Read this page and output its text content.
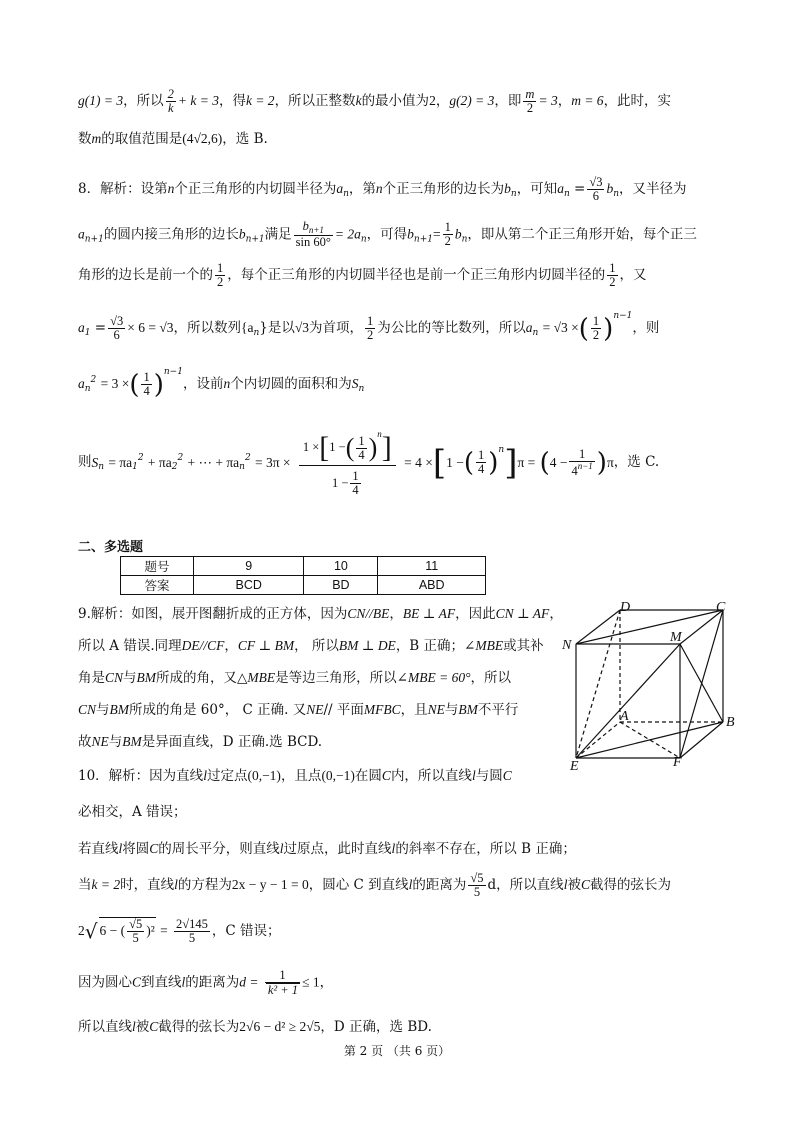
g(1) = 3，所以 $\frac{2}{k} + k = 3$，得k = 2，所以正整数k的最小值为2，g(2) = 3，即 $\frac{m}{2} = 3$，m = 6，此时，实
数m的取值范围是(4√2,6)，选 B.
8．解析：设第n个正三角形的内切圆半径为$a_n$，第n个正三角形的边长为$b_n$，可知$a_n = \frac{√3}{6} b_n$，又半径为
$a_{n+1}$的圆内接三角形的边长$b_{n+1}$满足 $\frac{b_{n+1}}{\sin 60^\circ} = 2a_n$，可得$b_{n+1}= \frac{1}{2} b_n$，即从第二个正三角形开始，每个正三
角形的边长是前一个的 $\frac{1}{2}$ ，每个正三角形的内切圆半径也是前一个正三角形内切圆半径的 $\frac{1}{2}$ ，又
$a_1 = \frac{√3}{6} \times 6 = √3$，所以数列$\{a_n\}$是以√3为首项， $\frac{1}{2}$ 为公比的等比数列，所以$a_n = √3$ ×( $\frac{1}{2} )^{n-1}$，则
$a_n^2 = 3$ ×( $\frac{1}{4} )^{n-1}$，设前n个内切圆的面积和为$S_n$
则$S_n = \pi a_1^2 + \pi a_2^2$ + ⋯ + $\pi a_n^2 = 3\pi \times \frac{1 \times[1 -( \frac{1}{4} )^n]}{1 - \frac{1}{4}} = 4 \times[1$ −( $\frac{1}{4} )^n]\pi = (4 - \frac{1}{4^{n-1}} )\pi$，选 C.
二、多选题
题号	9	10	11
答案	BCD	BD	ABD
9.解析：如图，展开图翻折成的正方体，因为CN//BE，BE ⊥ AF，因此CN ⊥ AF，
所以 A 错误.同理DE//CF，CF ⊥ BM， 所以BM ⊥ DE，B 正确；∠MBE或其补
角是CN与BM所成的角，又△MBE是等边三角形，所以∠MBE = 60°，所以
CN与BM所成的角是 60°， C 正确. 又NE// 平面MFBC，且NE与BM不平行
故NE与BM是异面直线，D 正确.选 BCD.
D	C
N
M
A	B
E	F
10．解析：因为直线l过定点(0,−1)，且点(0,−1)在圆C内，所以直线l与圆C
必相交，A 错误；
若直线l将圆C的周长平分，则直线l过原点，此时直线l的斜率不存在，所以 B 正确；
当k = 2时，直线l的方程为2x − y − 1 = 0，圆心 C 到直线l的距离为 $\frac{√5}{5}$ d，所以直线l被C截得的弦长为
2√ 6 − ( $\frac{√5}{5} )^2 = \frac{2√145}{5}$ ，C 错误；
因为圆心C到直线l的距离为$d = \frac{1}{\text{k² + 1}} \le 1$，
所以直线l被C截得的弦长为2√6 − d² ≥ 2√5，D 正确，选 BD.
第 2 页 （共 6 页）
